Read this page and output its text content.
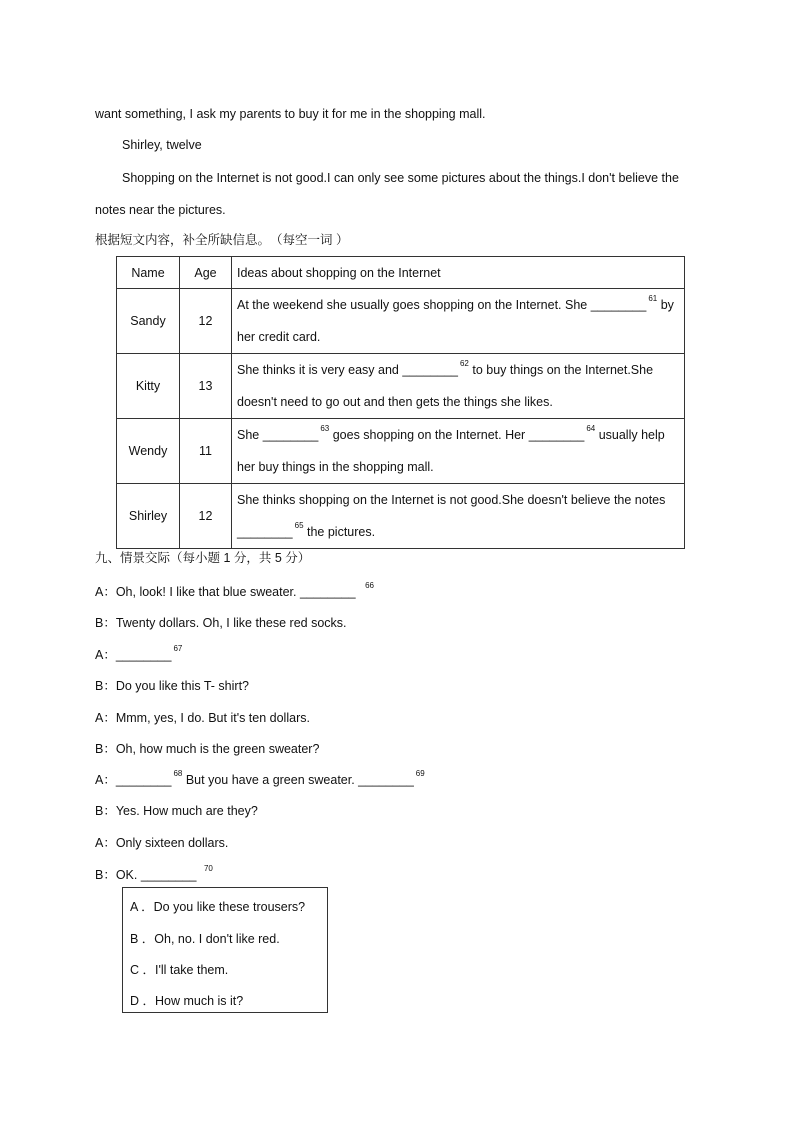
want something, I ask my parents to buy it for me in the shopping mall.
Shirley, twelve
Shopping on the Internet is not good.I can only see some pictures about the things.I don't believe the
notes near the pictures.
根据短文内容，补全所缺信息。　（每空一词 ）
Name	Age	Ideas about shopping on the Internet
Sandy	12	At the weekend she usually goes shopping on the Internet. She ________ $^{61}$ by
her credit card.

Kitty	13	She thinks it is very easy and ________ $^{62}$ to buy things on the Internet.She
doesn't need to go out and then gets the things she likes.

Wendy	11	She ________ $^{63}$ goes shopping on the Internet. Her ________ $^{64}$ usually help
her buy things in the shopping mall.

Shirley	12	She thinks shopping on the Internet is not good.She doesn't believe the notes
________ $^{65}$ the pictures.
九、情景交际（每小题 1 分，共 5 分）
A：Oh, look! I like that blue sweater. ________ $^{66}$
B：Twenty dollars. Oh, I like these red socks.
A：________ $^{67}$
B：Do you like this T- shirt?
A：Mmm, yes, I do. But it's ten dollars.
B：Oh, how much is the green sweater?
A：________ $^{68}$ But you have a green sweater. ________ $^{69}$
B：Yes. How much are they?
A：Only sixteen dollars.
B：OK. ________ $^{70}$
A ．Do you like these trousers?
B ．Oh, no. I don't like red.
C ．I'll take them.
D ．How much is it?
